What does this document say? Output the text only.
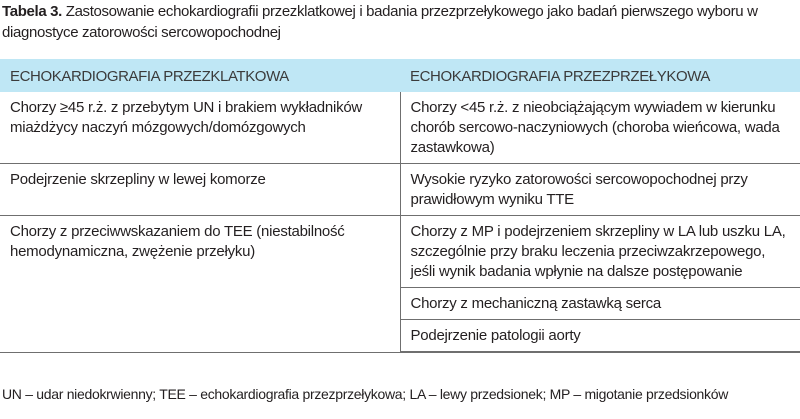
Tabela 3. Zastosowanie echokardiografii przezklatkowej i badania przezprzełykowego jako badań pierwszego wyboru w diagnostyce zatorowości sercowopochodnej
ECHOKARDIOGRAFIA PRZEZKLATKOWA	ECHOKARDIOGRAFIA PRZEZPRZEŁYKOWA
Chorzy ≥45 r.ż. z przebytym UN i brakiem wykładników miażdżycy naczyń mózgowych/domózgowych	Chorzy <45 r.ż. z nieobciążającym wywiadem w kierunku chorób sercowo-naczyniowych (choroba wieńcowa, wada zastawkowa)
Podejrzenie skrzepliny w lewej komorze	Wysokie ryzyko zatorowości sercowopochodnej przy prawidłowym wyniku TTE
Chorzy z przeciwwskazaniem do TEE (niestabilność hemodynamiczna, zwężenie przełyku)	Chorzy z MP i podejrzeniem skrzepliny w LA lub uszku LA, szczególnie przy braku leczenia przeciwzakrzepowego, jeśli wynik badania wpłynie na dalsze postępowanie
	Chorzy z mechaniczną zastawką serca
	Podejrzenie patologii aorty
UN – udar niedokrwienny; TEE – echokardiografia przezprzełykowa; LA – lewy przedsionek; MP – migotanie przedsionków
